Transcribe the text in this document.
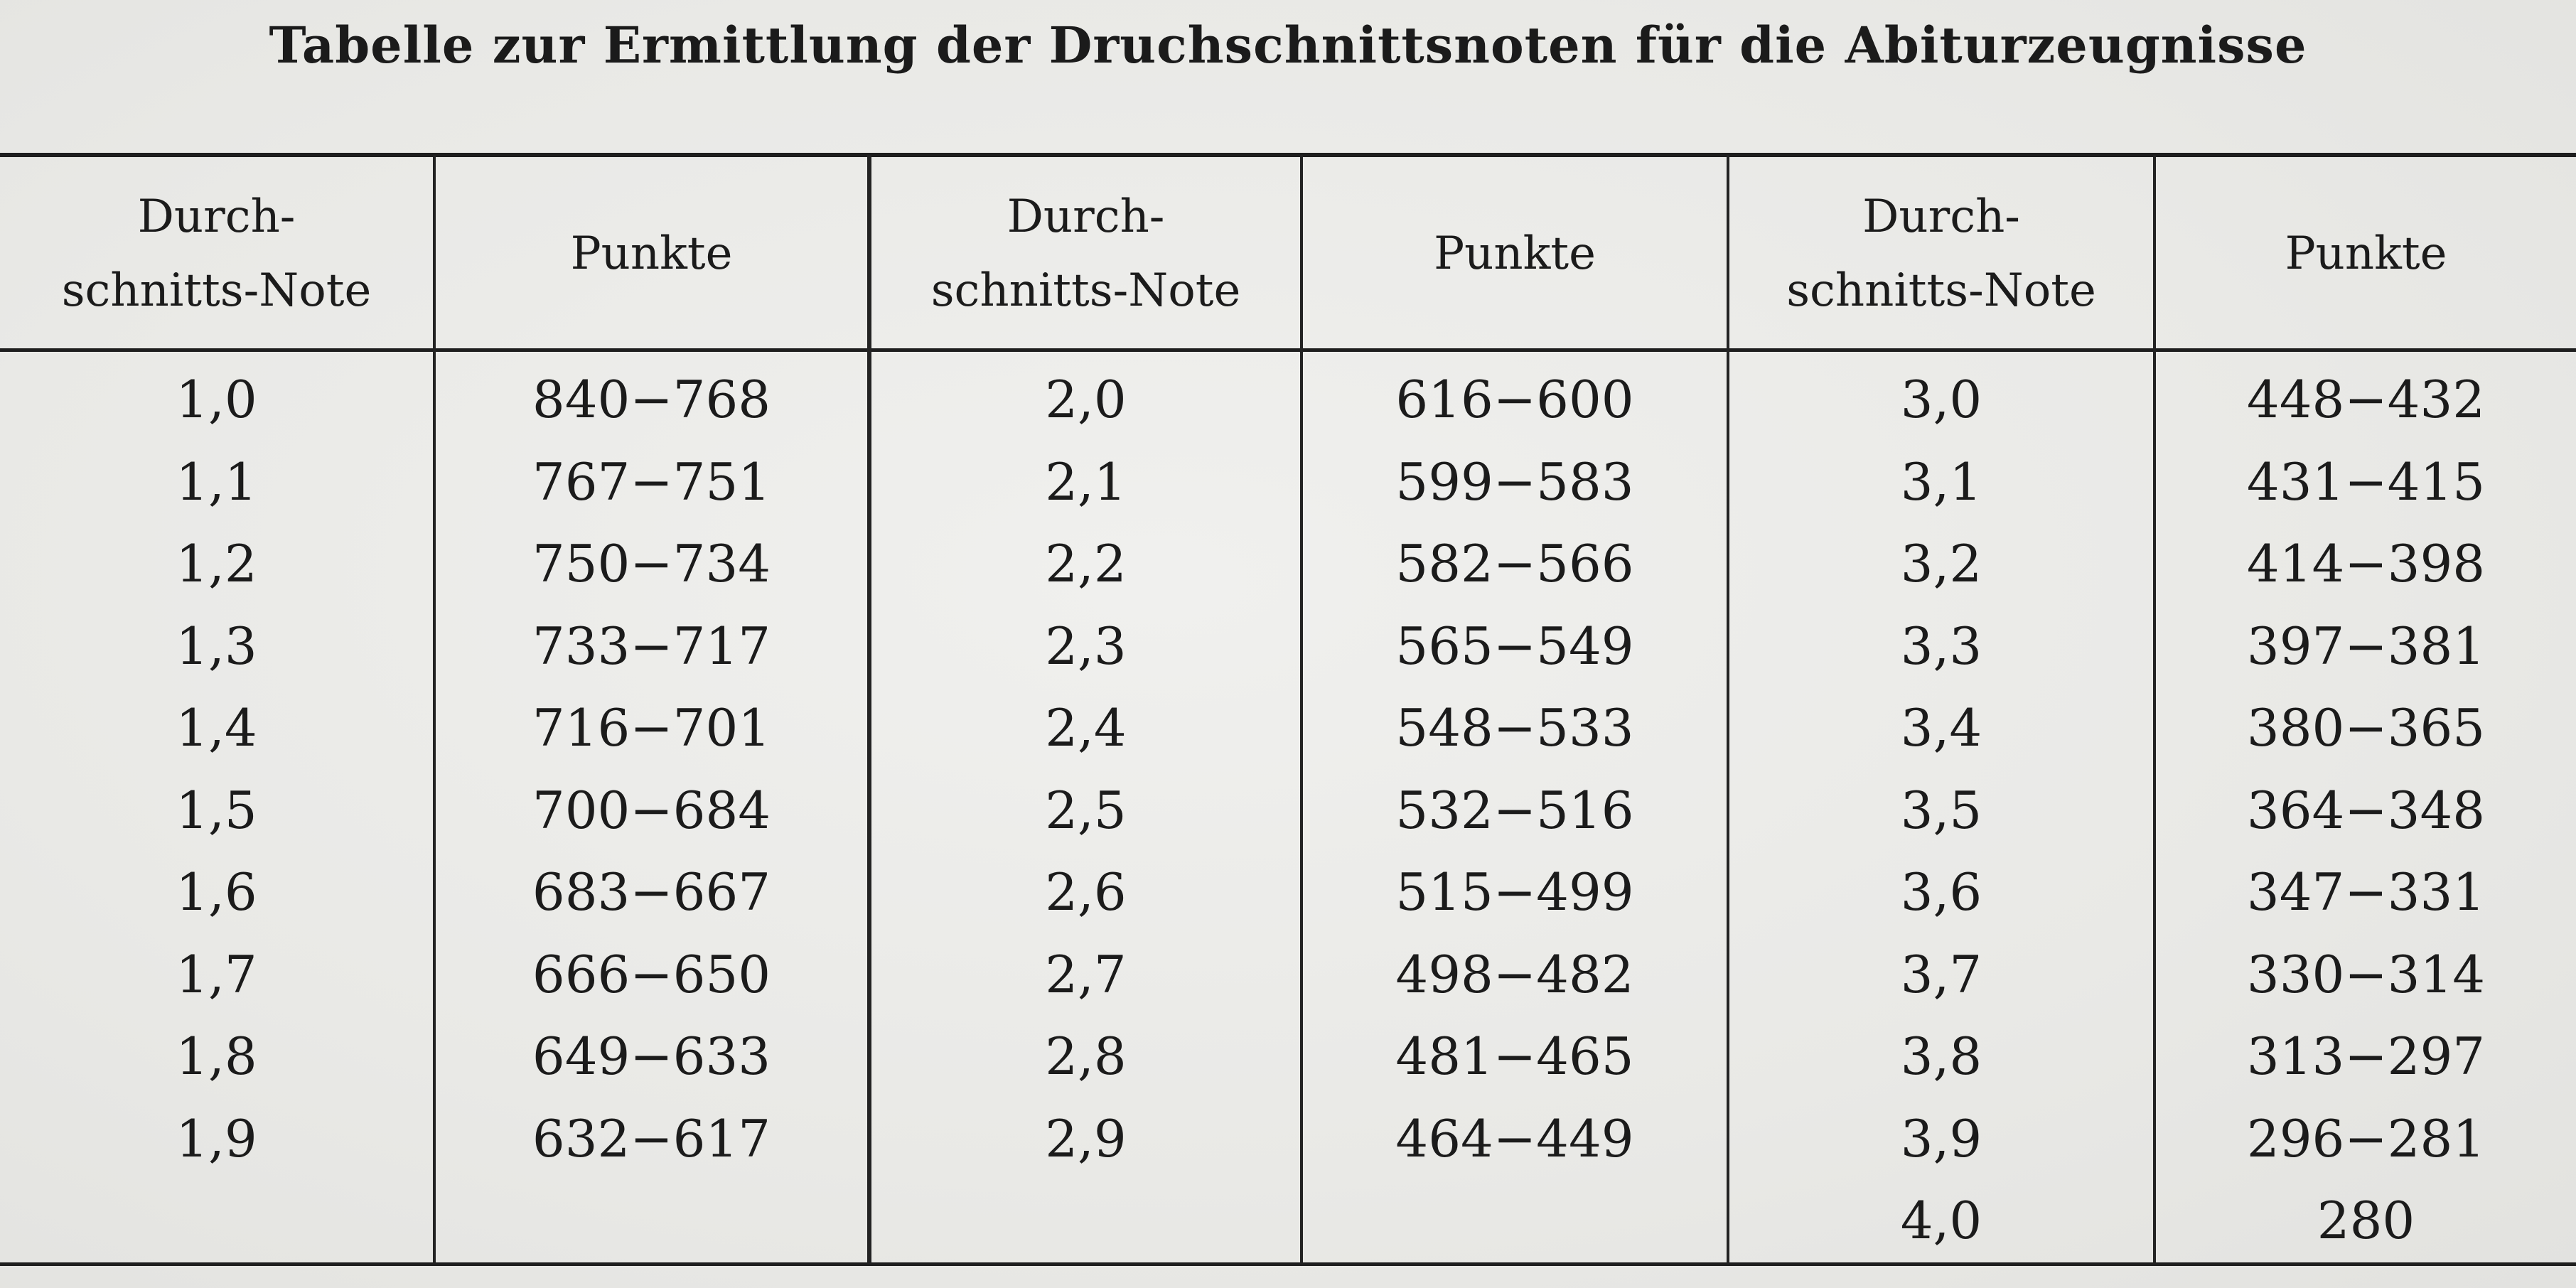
Tabelle zur Ermittlung der Druchschnittsnoten für die Abiturzeugnisse
Durch-
schnitts-Note
Punkte
Durch-
schnitts-Note
Punkte
Durch-
schnitts-Note
Punkte
1,0
1,1
1,2
1,3
1,4
1,5
1,6
1,7
1,8
1,9
840−768
767−751
750−734
733−717
716−701
700−684
683−667
666−650
649−633
632−617
2,0
2,1
2,2
2,3
2,4
2,5
2,6
2,7
2,8
2,9
616−600
599−583
582−566
565−549
548−533
532−516
515−499
498−482
481−465
464−449
3,0
3,1
3,2
3,3
3,4
3,5
3,6
3,7
3,8
3,9
4,0
448−432
431−415
414−398
397−381
380−365
364−348
347−331
330−314
313−297
296−281
280
